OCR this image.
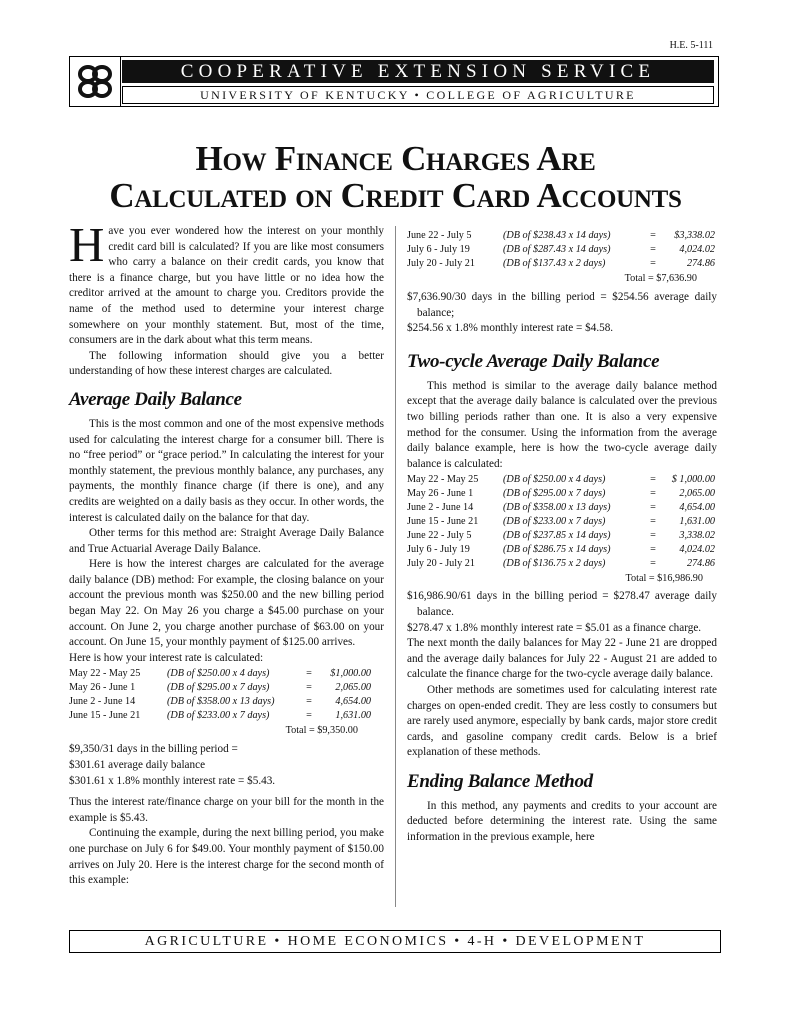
H.E. 5-111
COOPERATIVE EXTENSION SERVICE
UNIVERSITY OF KENTUCKY • COLLEGE OF AGRICULTURE
How Finance Charges Are
Calculated on Credit Card Accounts

Have you ever wondered how the interest on your monthly credit card bill is calculated? If you are like most consumers who carry a balance on their credit cards, you know that there is a finance charge, but you have little or no idea how the creditor arrived at the amount to charge you. Creditors provide the name of the method used to determine your interest charge somewhere on your monthly statement. But, most of the time, consumers are in the dark about what this term means.

The following information should give you a better understanding of how these interest charges are calculated.

Average Daily Balance

This is the most common and one of the most expensive methods used for calculating the interest charge for a consumer bill. There is no “free period” or “grace period.” In calculating the interest for your monthly statement, the previous monthly balance, any purchases, any payments, the monthly finance charge (if there is one), and any credits are weighted on a daily basis as they occur. In other words, the interest is calculated daily on the balance for that day.

Other terms for this method are: Straight Average Daily Balance and True Actuarial Average Daily Balance.

Here is how the interest charges are calculated for the average daily balance (DB) method: For example, the closing balance on your account the previous month was $250.00 and the new billing period began May 22. On May 26 you charge a $45.00 purchase on your account. On June 2, you charge another purchase of $63.00 on your account. On June 15, your monthly payment of $125.00 arrives.

Here is how your interest rate is calculated:

May 22 - May 25	(DB of $250.00 x 4 days)	=	$1,000.00
May 26 - June 1	(DB of $295.00 x 7 days)	=	2,065.00
June 2 - June 14	(DB of $358.00 x 13 days)	=	4,654.00
June 15 - June 21	(DB of $233.00 x 7 days)	=	1,631.00
Total = $9,350.00

$9,350/31 days in the billing period =

$301.61 average daily balance

$301.61 x 1.8% monthly interest rate = $5.43.

Thus the interest rate/finance charge on your bill for the month in the example is $5.43.

Continuing the example, during the next billing period, you make one purchase on July 6 for $49.00. Your monthly payment of $150.00 arrives on July 20. Here is the interest charge for the second month of this example:

June 22 - July 5	(DB of $238.43 x 14 days)	=	$3,338.02
July 6 - July 19	(DB of $287.43 x 14 days)	=	4,024.02
July 20 - July 21	(DB of $137.43 x 2 days)	=	274.86
Total = $7,636.90

$7,636.90/30 days in the billing period = $254.56 average daily balance;

$254.56 x 1.8% monthly interest rate = $4.58.

Two-cycle Average Daily Balance

This method is similar to the average daily balance method except that the average daily balance is calculated over the previous two billing periods rather than one. It is also a very expensive method for the consumer. Using the information from the average daily balance example, here is how the two-cycle average daily balance is calculated:

May 22 - May 25	(DB of $250.00 x 4 days)	=	$ 1,000.00
May 26 - June 1	(DB of $295.00 x 7 days)	=	2,065.00
June 2 - June 14	(DB of $358.00 x 13 days)	=	4,654.00
June 15 - June 21	(DB of $233.00 x 7 days)	=	1,631.00
June 22 - July 5	(DB of $237.85 x 14 days)	=	3,338.02
July 6 - July 19	(DB of $286.75 x 14 days)	=	4,024.02
July 20 - July 21	(DB of $136.75 x 2 days)	=	274.86
Total = $16,986.90

$16,986.90/61 days in the billing period = $278.47 average daily balance.

$278.47 x 1.8% monthly interest rate = $5.01 as a finance charge.

The next month the daily balances for May 22 - June 21 are dropped and the average daily balances for July 22 - August 21 are added to calculate the finance charge for the two-cycle average daily balance.

Other methods are sometimes used for calculating interest rate charges on open-ended credit. They are less costly to consumers but are rarely used anymore, especially by bank cards, major store credit cards, and gasoline company credit cards. Below is a brief explanation of these methods.

Ending Balance Method

In this method, any payments and credits to your account are deducted before determining the interest rate. Using the same information in the previous example, here

AGRICULTURE • HOME ECONOMICS • 4-H • DEVELOPMENT
